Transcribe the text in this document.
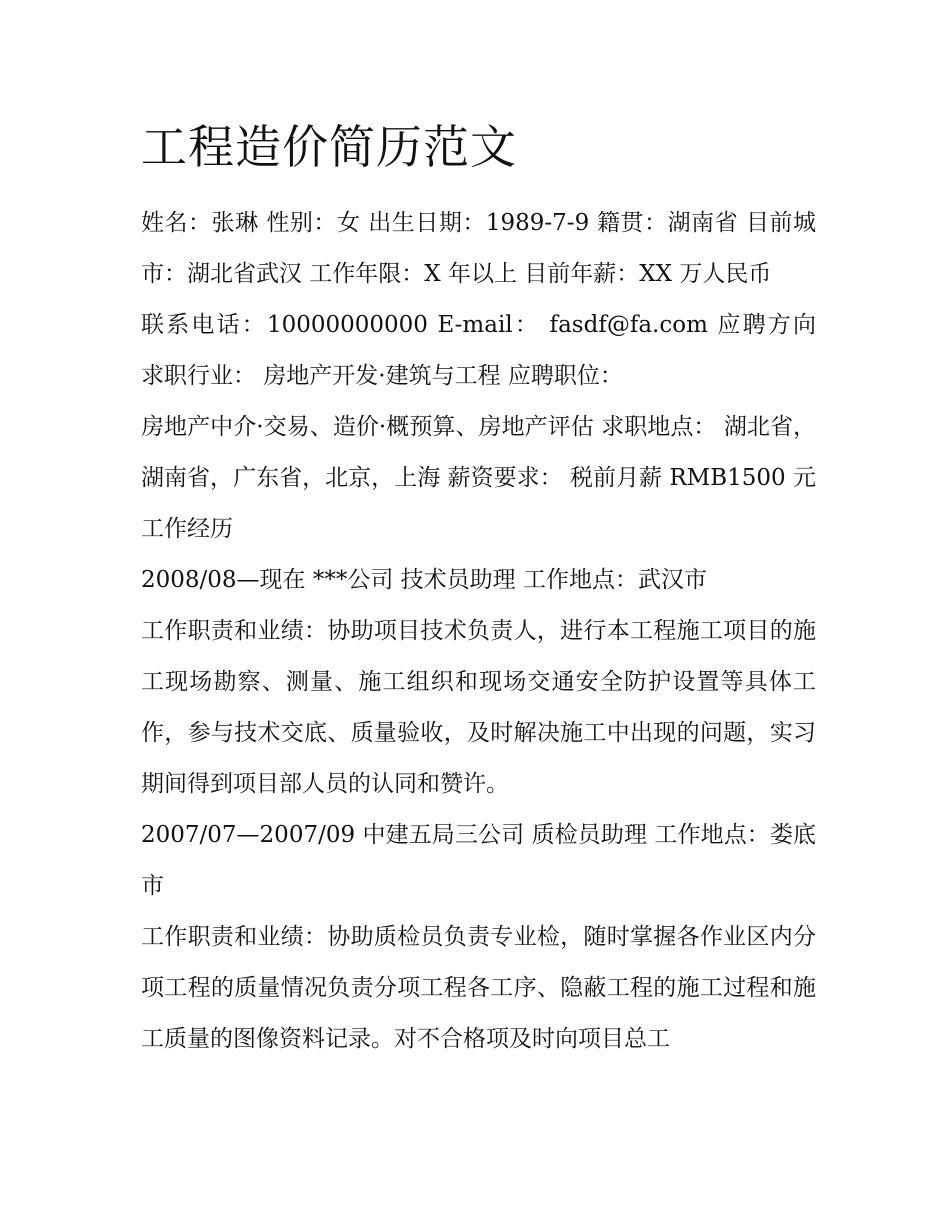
工程造价简历范文

姓名：张琳 性别：女 出生日期：1989-7-9 籍贯：湖南省 目前城市：湖北省武汉 工作年限：X 年以上 目前年薪：XX 万人民币

联系电话：10000000000 E-mail： fasdf@fa.com 应聘方向 求职行业： 房地产开发·建筑与工程 应聘职位：

房地产中介·交易、造价·概预算、房地产评估 求职地点： 湖北省，湖南省，广东省，北京，上海 薪资要求： 税前月薪 RMB1500 元 工作经历

2008/08—现在 ***公司 技术员助理 工作地点：武汉市

工作职责和业绩：协助项目技术负责人，进行本工程施工项目的施工现场勘察、测量、施工组织和现场交通安全防护设置等具体工作，参与技术交底、质量验收，及时解决施工中出现的问题，实习期间得到项目部人员的认同和赞许。

2007/07—2007/09 中建五局三公司 质检员助理 工作地点：娄底市

工作职责和业绩：协助质检员负责专业检，随时掌握各作业区内分项工程的质量情况负责分项工程各工序、隐蔽工程的施工过程和施工质量的图像资料记录。对不合格项及时向项目总工
